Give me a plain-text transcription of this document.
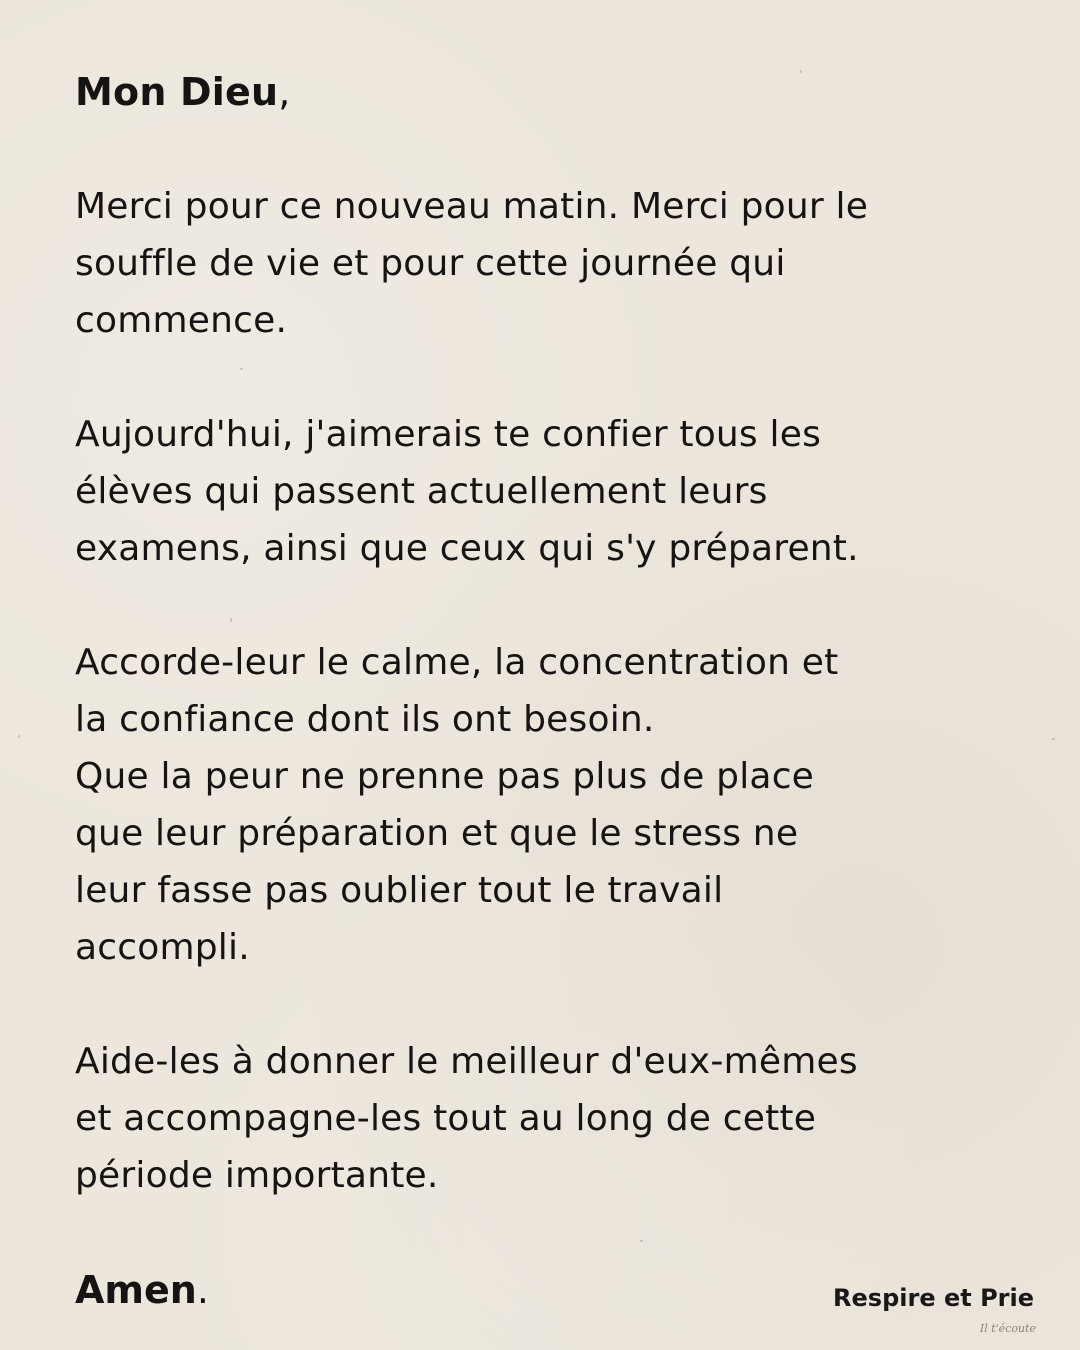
Mon Dieu,
Merci pour ce nouveau matin. Merci pour le
souffle de vie et pour cette journée qui
commence.
Aujourd'hui, j'aimerais te confier tous les
élèves qui passent actuellement leurs
examens, ainsi que ceux qui s'y préparent.
Accorde-leur le calme, la concentration et
la confiance dont ils ont besoin.
Que la peur ne prenne pas plus de place
que leur préparation et que le stress ne
leur fasse pas oublier tout le travail
accompli.
Aide-les à donner le meilleur d'eux-mêmes
et accompagne-les tout au long de cette
période importante.
Amen.	Respire et Prie
Il t'écoute
